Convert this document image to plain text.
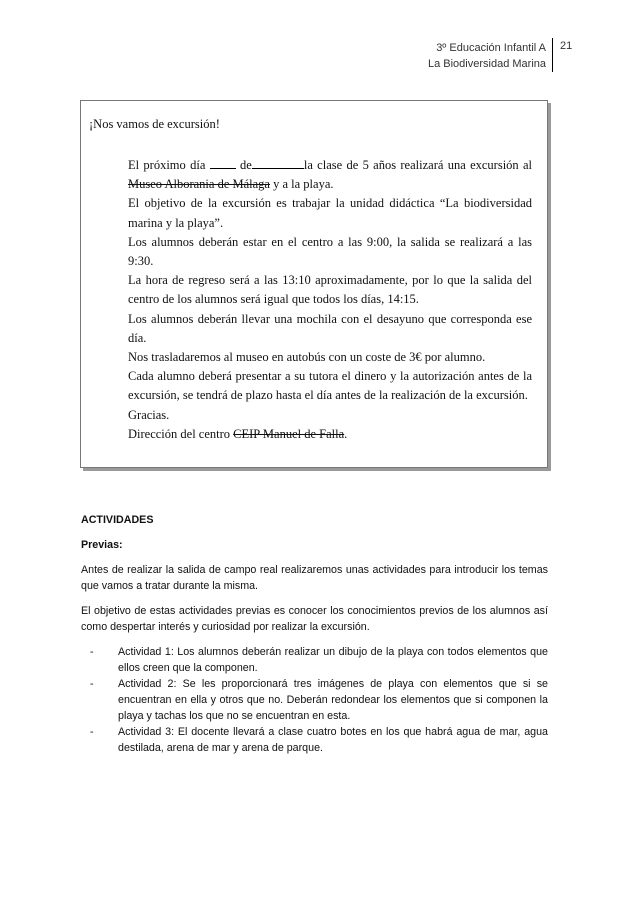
3º Educación Infantil A
La Biodiversidad Marina
21
¡Nos vamos de excursión!

El próximo día	de	la clase de 5 años realizará una excursión al Museo Alborania de Málaga y a la playa.

El objetivo de la excursión es trabajar la unidad didáctica “La biodiversidad marina y la playa”.

Los alumnos deberán estar en el centro a las 9:00, la salida se realizará a las 9:30.

La hora de regreso será a las 13:10 aproximadamente, por lo que la salida del centro de los alumnos será igual que todos los días, 14:15.

Los alumnos deberán llevar una mochila con el desayuno que corresponda ese día.

Nos trasladaremos al museo en autobús con un coste de 3€ por alumno.

Cada alumno deberá presentar a su tutora el dinero y la autorización antes de la excursión, se tendrá de plazo hasta el día antes de la realización de la excursión.

Gracias.

Dirección del centro CEIP Manuel de Falla.

ACTIVIDADES

Previas:

Antes de realizar la salida de campo real realizaremos unas actividades para introducir los temas que vamos a tratar durante la misma.

El objetivo de estas actividades previas es conocer los conocimientos previos de los alumnos así como despertar interés y curiosidad por realizar la excursión.

- Actividad 1: Los alumnos deberán realizar un dibujo de la playa con todos elementos que ellos creen que la componen.
- Actividad 2: Se les proporcionará tres imágenes de playa con elementos que si se encuentran en ella y otros que no. Deberán redondear los elementos que si componen la playa y tachas los que no se encuentran en esta.
- Actividad 3: El docente llevará a clase cuatro botes en los que habrá agua de mar, agua destilada, arena de mar y arena de parque.
